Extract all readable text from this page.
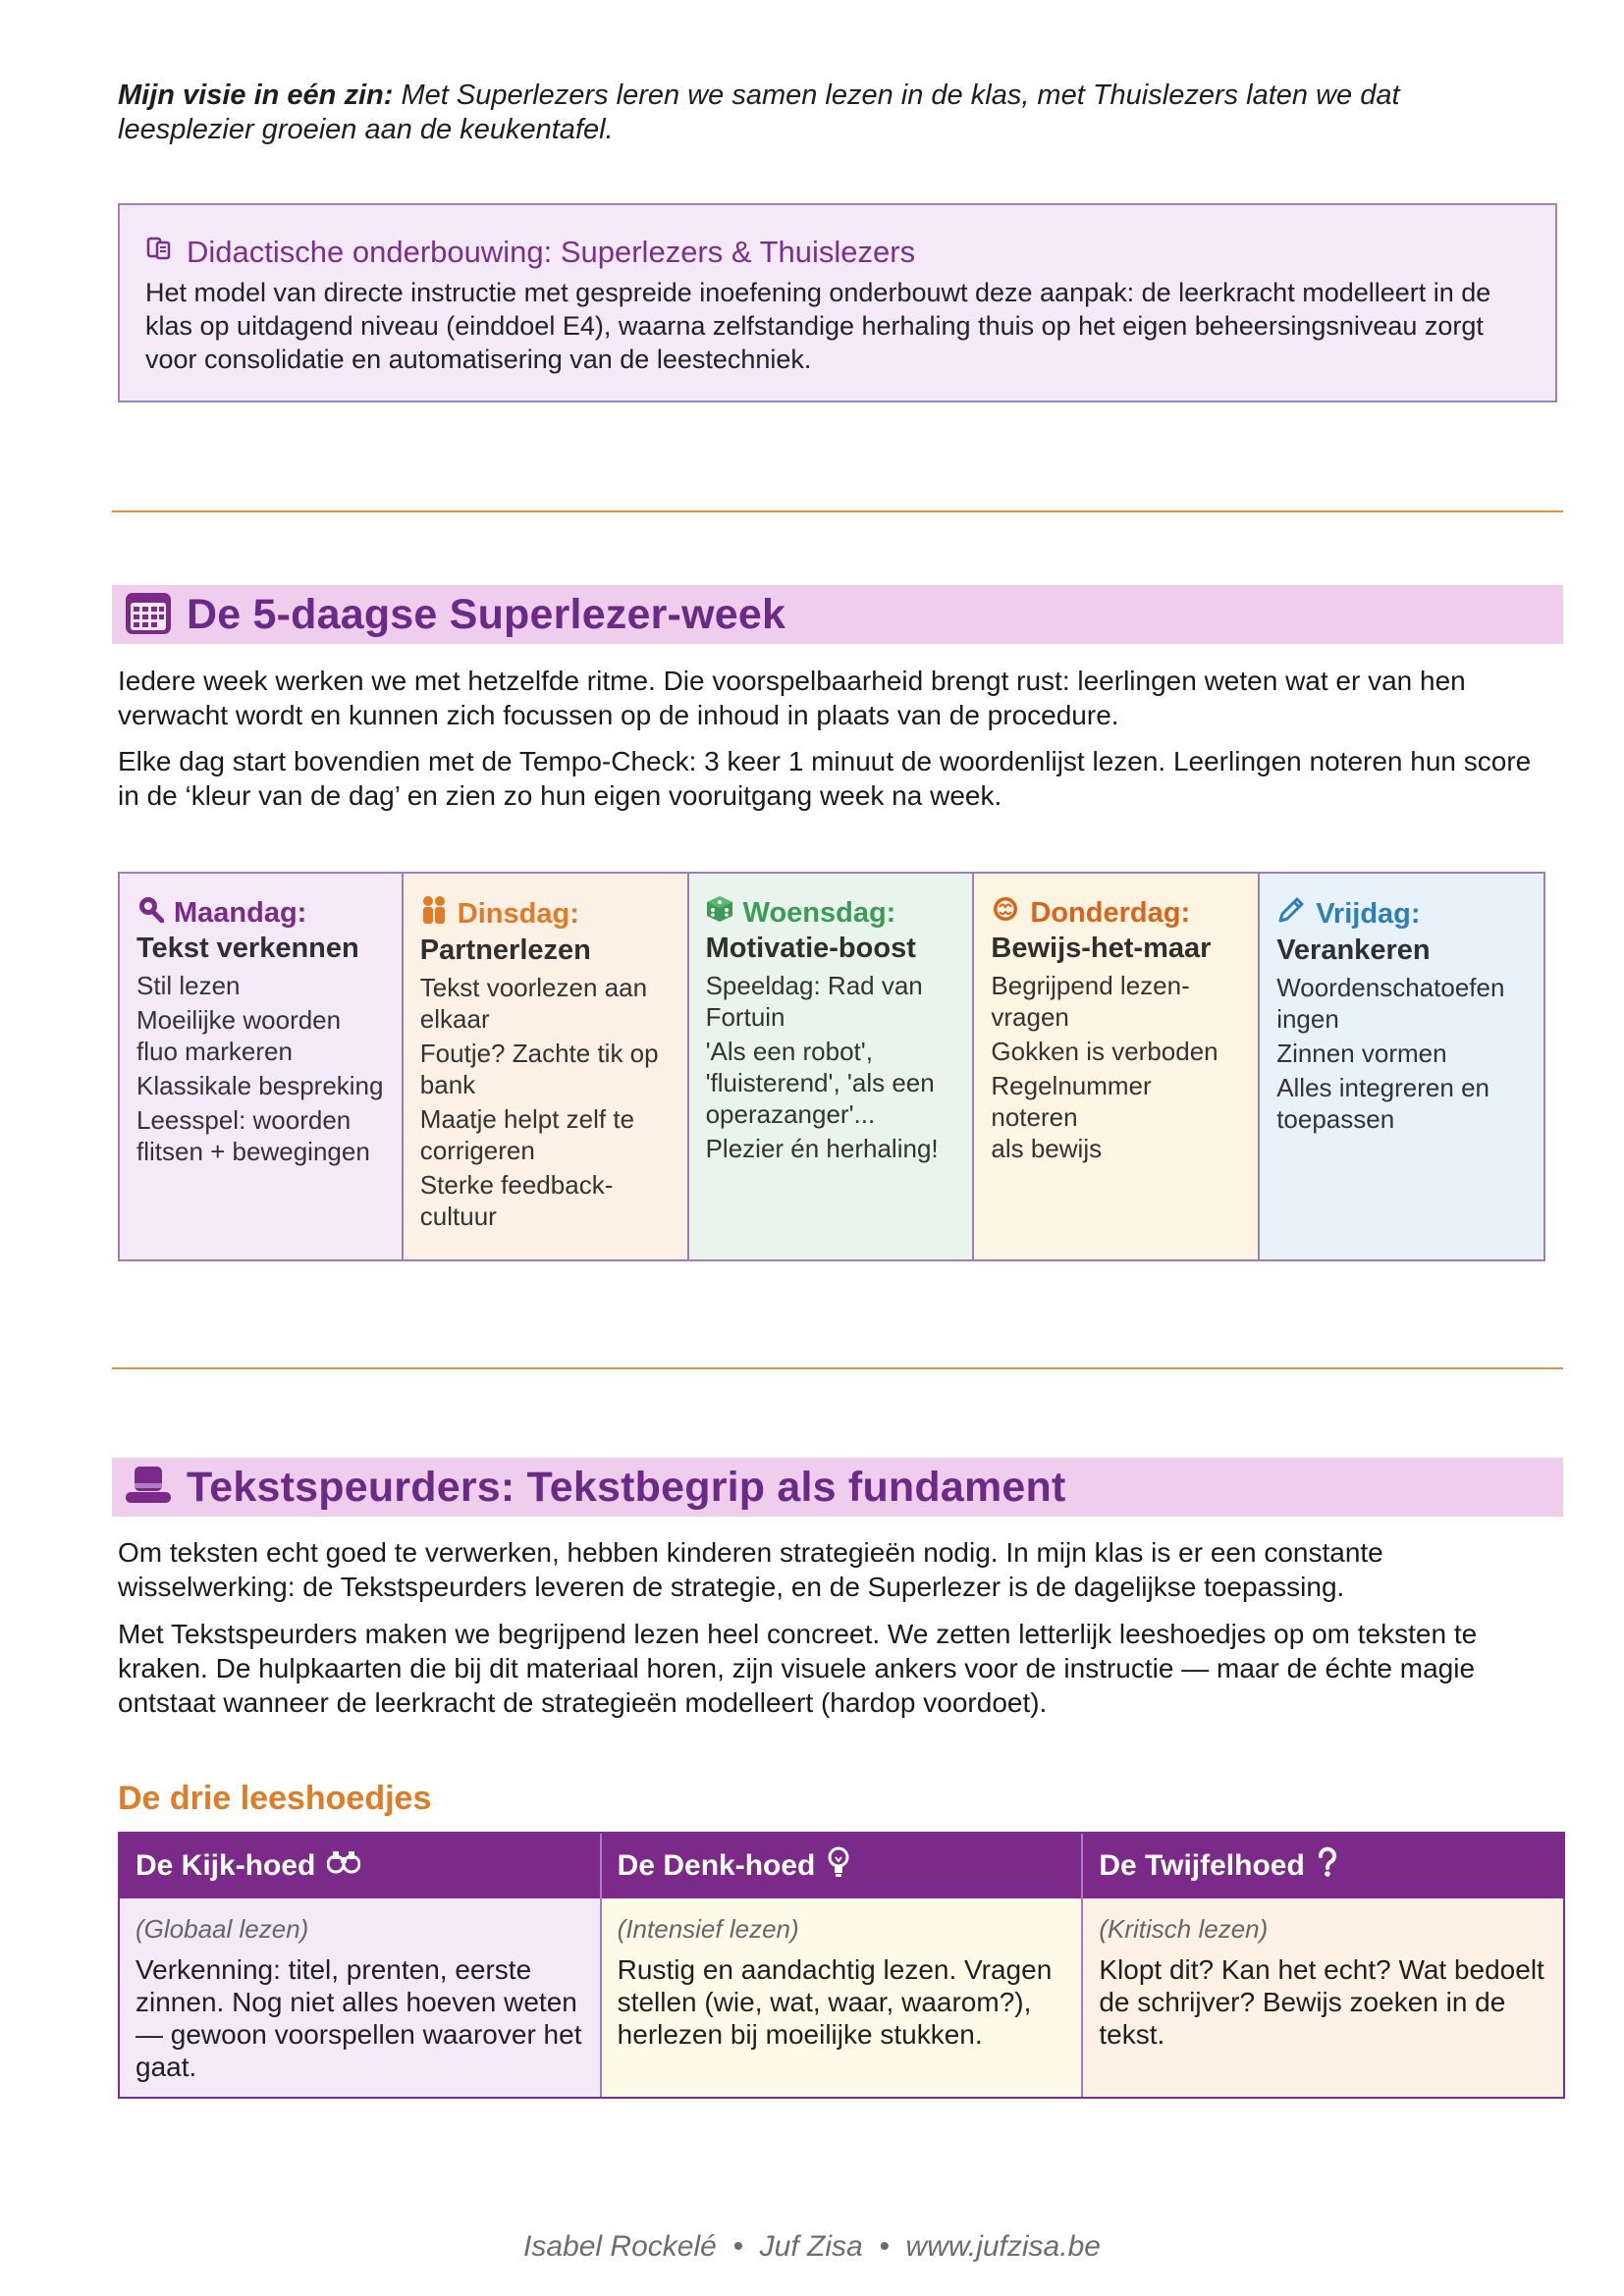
Mijn visie in eén zin: Met Superlezers leren we samen lezen in de klas, met Thuislezers laten we dat leesplezier groeien aan de keukentafel.
Didactische onderbouwing: Superlezers & Thuislezers
Het model van directe instructie met gespreide inoefening onderbouwt deze aanpak: de leerkracht modelleert in de klas op uitdagend niveau (einddoel E4), waarna zelfstandige herhaling thuis op het eigen beheersingsniveau zorgt voor consolidatie en automatisering van de leestechniek.
De 5-daagse Superlezer-week
Iedere week werken we met hetzelfde ritme. Die voorspelbaarheid brengt rust: leerlingen weten wat er van hen verwacht wordt en kunnen zich focussen op de inhoud in plaats van de procedure.
Elke dag start bovendien met de Tempo-Check: 3 keer 1 minuut de woordenlijst lezen. Leerlingen noteren hun score in de ‘kleur van de dag’ en zien zo hun eigen vooruitgang week na week.
Maandag:
Tekst verkennen
Stil lezen
Moeilijke woorden fluo markeren
Klassikale bespreking
Leesspel: woorden flitsen + bewegingen
Dinsdag:
Partnerlezen
Tekst voorlezen aan elkaar
Foutje? Zachte tik op bank
Maatje helpt zelf te corrigeren
Sterke feedback-cultuur
Woensdag:
Motivatie-boost
Speeldag: Rad van Fortuin
'Als een robot', 'fluisterend', 'als een operazanger'...
Plezier én herhaling!
Donderdag:
Bewijs-het-maar
Begrijpend lezen-vragen
Gokken is verboden
Regelnummer noteren
als bewijs
Vrijdag:
Verankeren
Woordenschatoefen ingen
Zinnen vormen
Alles integreren en toepassen
Tekstspeurders: Tekstbegrip als fundament
Om teksten echt goed te verwerken, hebben kinderen strategieën nodig. In mijn klas is er een constante wisselwerking: de Tekstspeurders leveren de strategie, en de Superlezer is de dagelijkse toepassing.
Met Tekstspeurders maken we begrijpend lezen heel concreet. We zetten letterlijk leeshoedjes op om teksten te kraken. De hulpkaarten die bij dit materiaal horen, zijn visuele ankers voor de instructie — maar de échte magie ontstaat wanneer de leerkracht de strategieën modelleert (hardop voordoet).
De drie leeshoedjes
De Kijk-hoed	De Denk-hoed	De Twijfelhoed
(Globaal lezen)
Verkenning: titel, prenten, eerste zinnen. Nog niet alles hoeven weten — gewoon voorspellen waarover het gaat.
(Intensief lezen)
Rustig en aandachtig lezen. Vragen stellen (wie, wat, waar, waarom?), herlezen bij moeilijke stukken.
(Kritisch lezen)
Klopt dit? Kan het echt? Wat bedoelt de schrijver? Bewijs zoeken in de tekst.
Isabel Rockelé  •  Juf Zisa  •  www.jufzisa.be
